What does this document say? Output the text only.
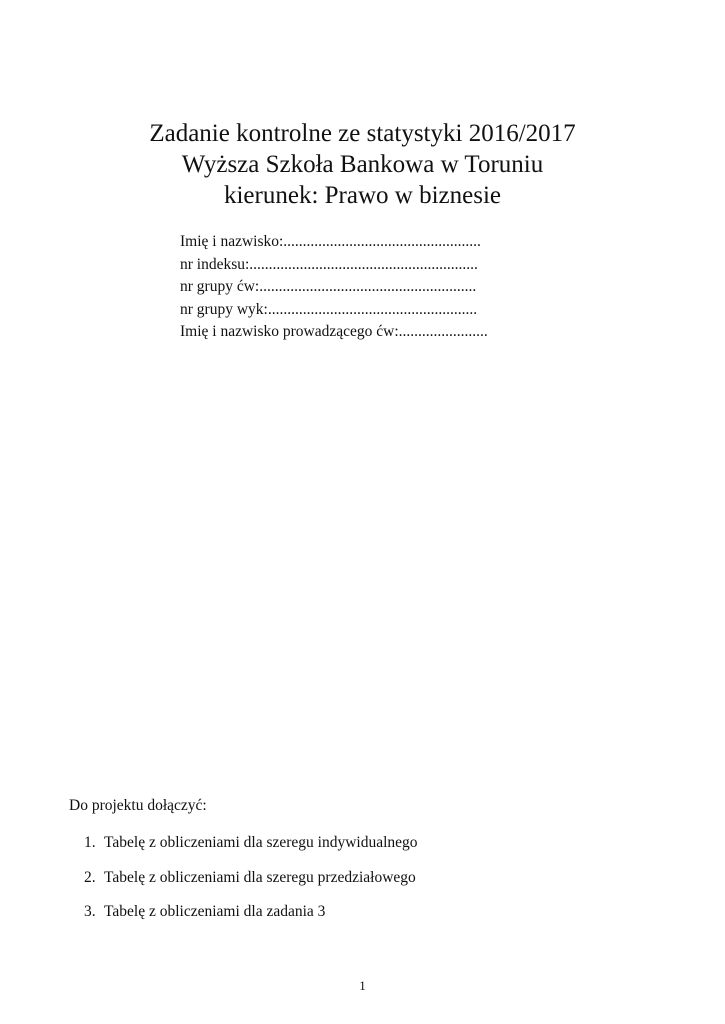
Zadanie kontrolne ze statystyki 2016/2017

Wyższa Szkoła Bankowa w Toruniu

kierunek: Prawo w biznesie

Imię i nazwisko:...................................................
nr indeksu:...........................................................
nr grupy ćw:........................................................
nr grupy wyk:......................................................
Imię i nazwisko prowadzącego ćw:.......................

Do projektu dołączyć:

1. Tabelę z obliczeniami dla szeregu indywidualnego
2. Tabelę z obliczeniami dla szeregu przedziałowego
3. Tabelę z obliczeniami dla zadania 3
1
